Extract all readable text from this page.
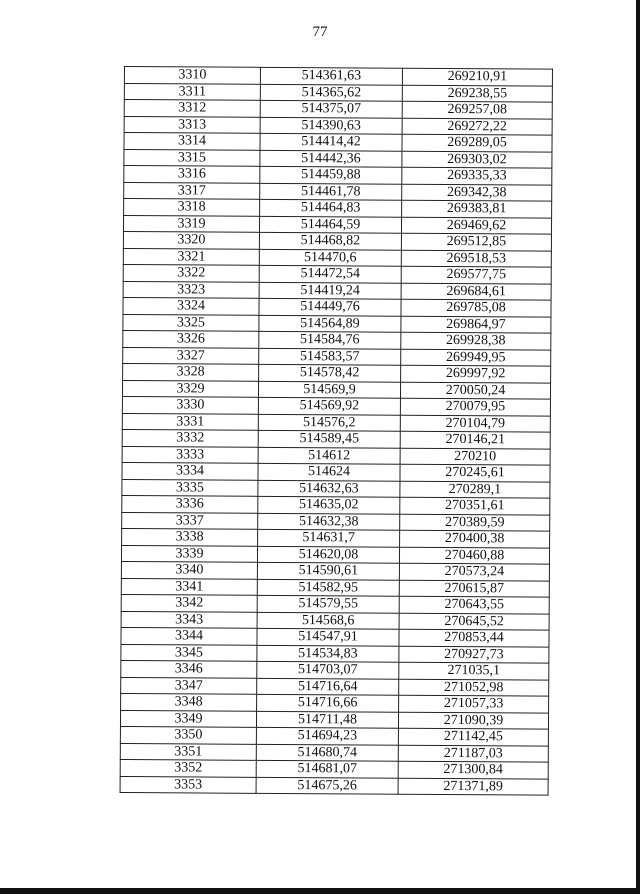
77
3310	514361,63	269210,91
3311	514365,62	269238,55
3312	514375,07	269257,08
3313	514390,63	269272,22
3314	514414,42	269289,05
3315	514442,36	269303,02
3316	514459,88	269335,33
3317	514461,78	269342,38
3318	514464,83	269383,81
3319	514464,59	269469,62
3320	514468,82	269512,85
3321	514470,6	269518,53
3322	514472,54	269577,75
3323	514419,24	269684,61
3324	514449,76	269785,08
3325	514564,89	269864,97
3326	514584,76	269928,38
3327	514583,57	269949,95
3328	514578,42	269997,92
3329	514569,9	270050,24
3330	514569,92	270079,95
3331	514576,2	270104,79
3332	514589,45	270146,21
3333	514612	270210
3334	514624	270245,61
3335	514632,63	270289,1
3336	514635,02	270351,61
3337	514632,38	270389,59
3338	514631,7	270400,38
3339	514620,08	270460,88
3340	514590,61	270573,24
3341	514582,95	270615,87
3342	514579,55	270643,55
3343	514568,6	270645,52
3344	514547,91	270853,44
3345	514534,83	270927,73
3346	514703,07	271035,1
3347	514716,64	271052,98
3348	514716,66	271057,33
3349	514711,48	271090,39
3350	514694,23	271142,45
3351	514680,74	271187,03
3352	514681,07	271300,84
3353	514675,26	271371,89
